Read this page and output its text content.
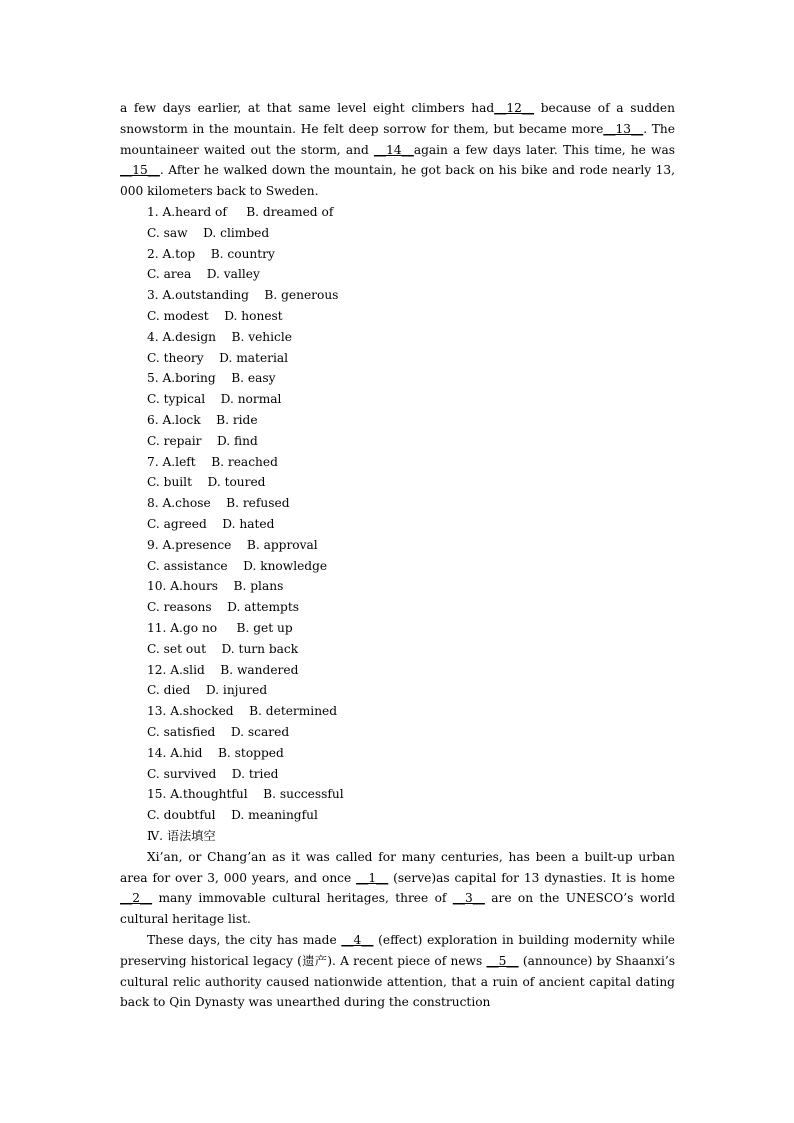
a few days earlier, at that same level eight climbers had__12__ because of a sudden snowstorm in the mountain. He felt deep sorrow for them, but became more__13__. The mountaineer waited out the storm, and __14__again a few days later. This time, he was __15__. After he walked down the mountain, he got back on his bike and rode nearly 13, 000 kilometers back to Sweden.

1. A.heard of     B. dreamed of

C. saw    D. climbed

2. A.top    B. country

C. area    D. valley

3. A.outstanding    B. generous

C. modest    D. honest

4. A.design    B. vehicle

C. theory    D. material

5. A.boring    B. easy

C. typical    D. normal

6. A.lock    B. ride

C. repair    D. find

7. A.left    B. reached

C. built    D. toured

8. A.chose    B. refused

C. agreed    D. hated

9. A.presence    B. approval

C. assistance    D. knowledge

10. A.hours    B. plans

C. reasons    D. attempts

11. A.go no     B. get up

C. set out    D. turn back

12. A.slid    B. wandered

C. died    D. injured

13. A.shocked    B. determined

C. satisfied    D. scared

14. A.hid    B. stopped

C. survived    D. tried

15. A.thoughtful    B. successful

C. doubtful    D. meaningful

Ⅳ. 语法填空

Xi’an, or Chang’an as it was called for many centuries, has been a built-up urban area for over 3, 000 years, and once __1__ (serve)as capital for 13 dynasties. It is home __2__ many immovable cultural heritages, three of __3__ are on the UNESCO’s world cultural heritage list.

These days, the city has made __4__ (effect) exploration in building modernity while preserving historical legacy (遗产). A recent piece of news __5__ (announce) by Shaanxi’s cultural relic authority caused nationwide attention, that a ruin of ancient capital dating back to Qin Dynasty was unearthed during the construction
